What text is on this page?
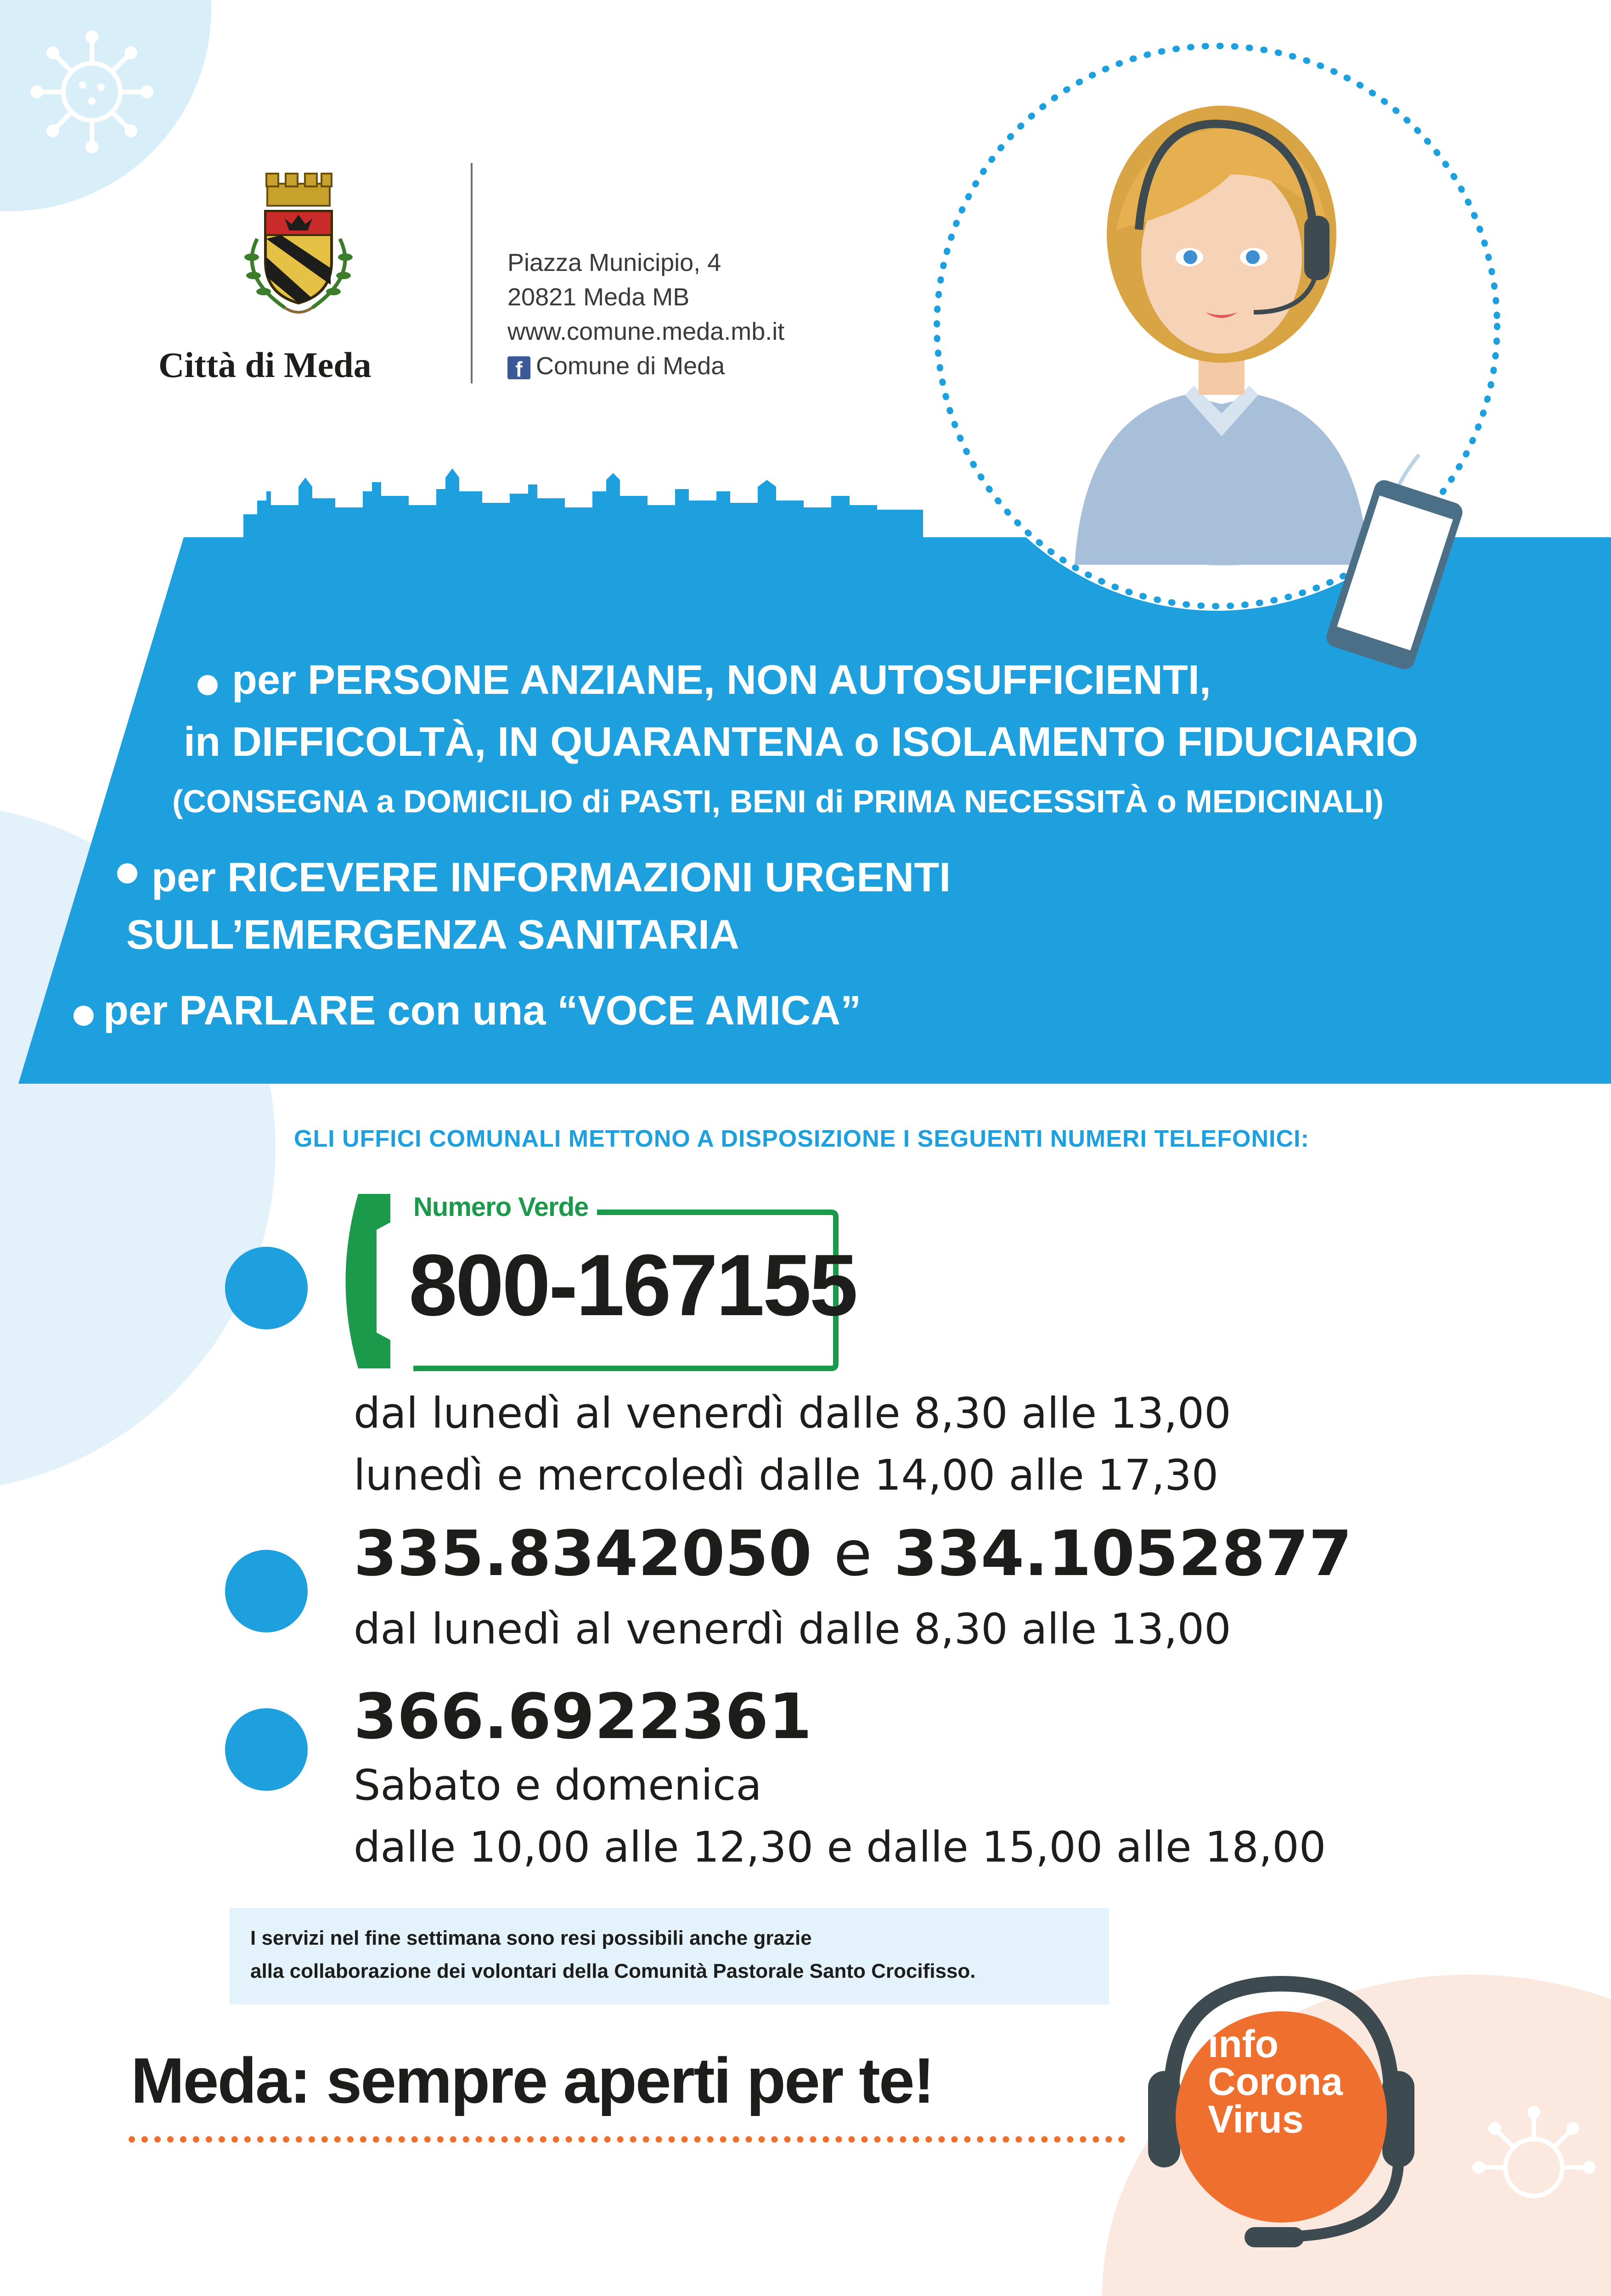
Città di Meda
Piazza Municipio, 4
20821 Meda MB
www.comune.meda.mb.it
f Comune di Meda
per PERSONE ANZIANE, NON AUTOSUFFICIENTI,
in DIFFICOLTÀ, IN QUARANTENA o ISOLAMENTO FIDUCIARIO
(CONSEGNA a DOMICILIO di PASTI, BENI di PRIMA NECESSITÀ o MEDICINALI)
per RICEVERE INFORMAZIONI URGENTI
SULL’EMERGENZA SANITARIA
per PARLARE con una “VOCE AMICA”
GLI UFFICI COMUNALI METTONO A DISPOSIZIONE I SEGUENTI NUMERI TELEFONICI:
Numero Verde
800-167155
dal lunedì al venerdì dalle 8,30 alle 13,00
lunedì e mercoledì dalle 14,00 alle 17,30
335.8342050 e 334.1052877
dal lunedì al venerdì dalle 8,30 alle 13,00
366.6922361
Sabato e domenica
dalle 10,00 alle 12,30 e dalle 15,00 alle 18,00
I servizi nel fine settimana sono resi possibili anche grazie
alla collaborazione dei volontari della Comunità Pastorale Santo Crocifisso.
Meda: sempre aperti per te!
info
Corona
Virus
